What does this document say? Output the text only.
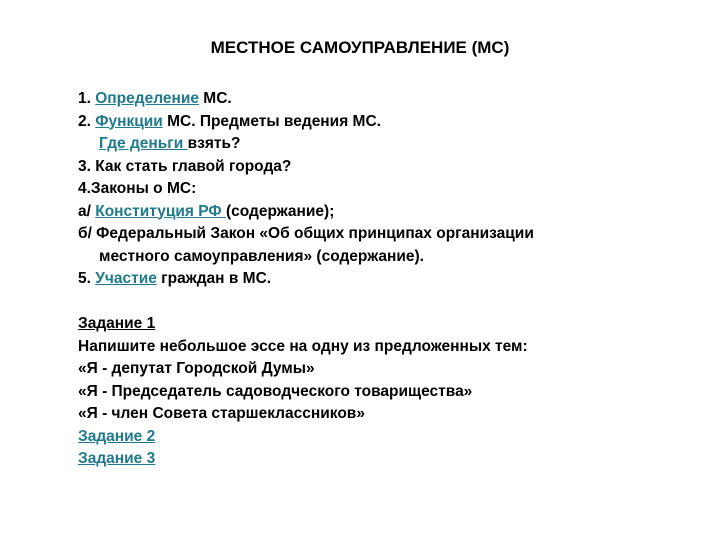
МЕСТНОЕ САМОУПРАВЛЕНИЕ (МС)
1. Определение МС.
2. Функции МС. Предметы ведения МС.
Где деньги взять?
3. Как стать главой города?
4.Законы о МС:
а/ Конституция РФ (содержание);
б/ Федеральный Закон «Об общих принципах организации
местного самоуправления» (содержание).
5. Участие граждан в МС.
Задание 1
Напишите небольшое эссе на одну из предложенных тем:
«Я - депутат Городской Думы»
«Я - Председатель садоводческого товарищества»
«Я - член Совета старшеклассников»
Задание 2
Задание 3
